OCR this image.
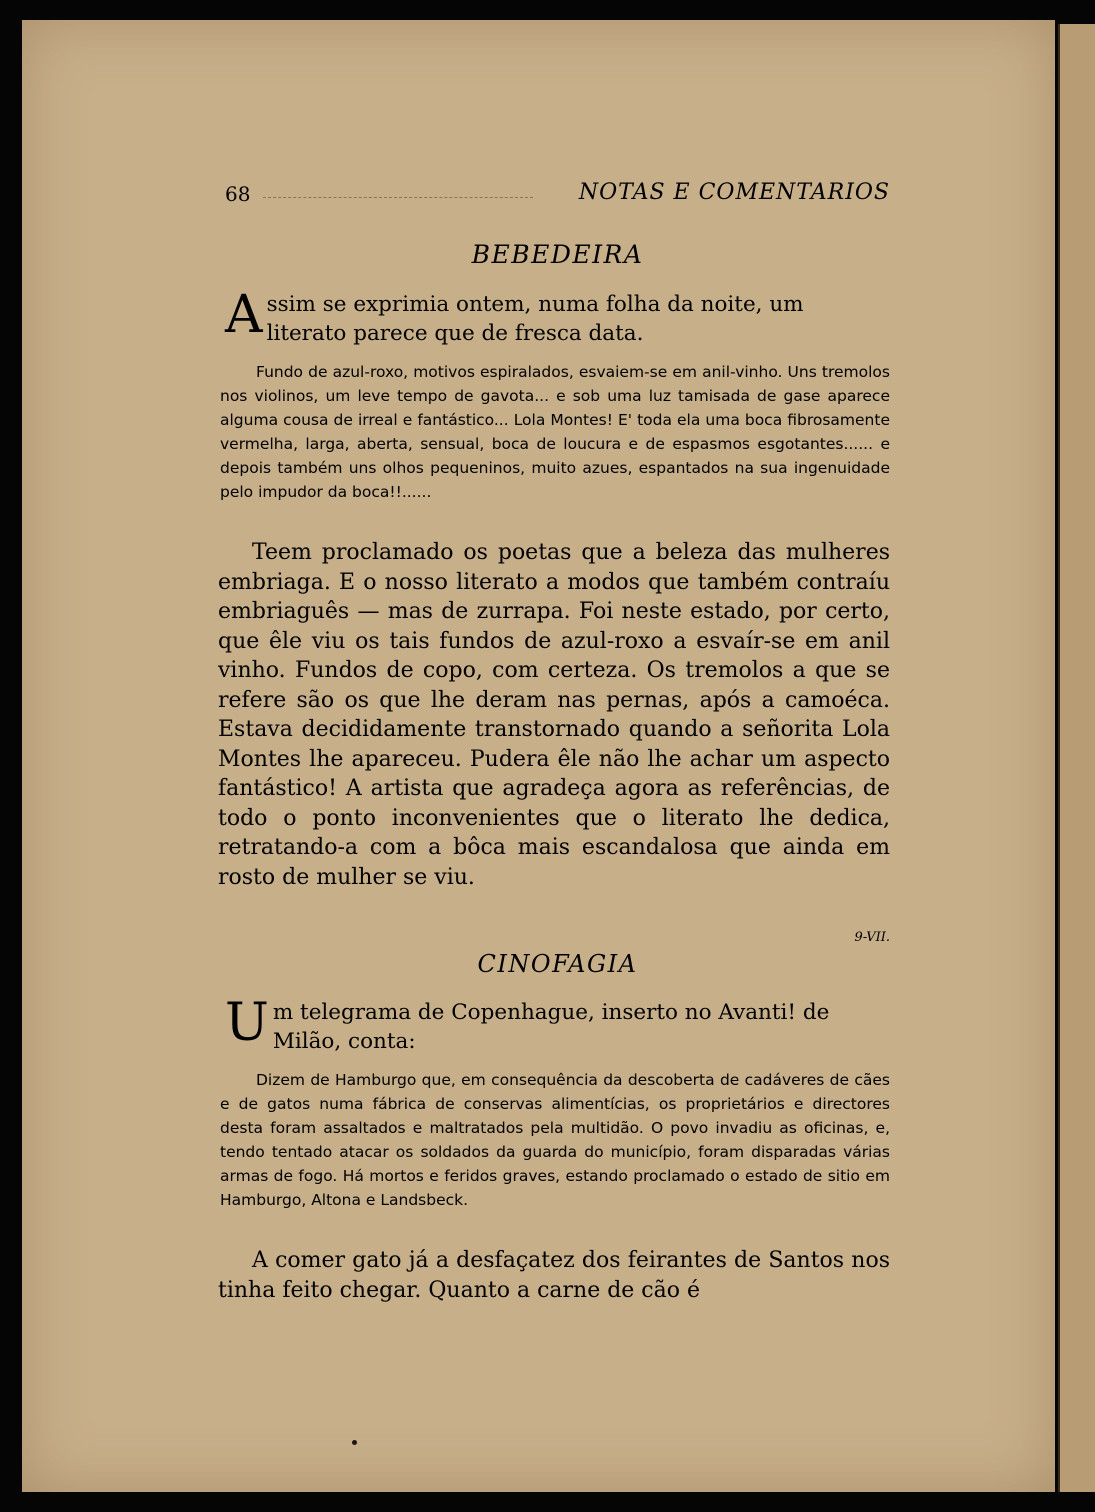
68	NOTAS E COMENTARIOS
BEBEDEIRA
A ssim se exprimia ontem, numa folha da noite, um literato parece que de fresca data.
Fundo de azul-roxo, motivos espiralados, esvaiem-se em anil-vinho. Uns tremolos nos violinos, um leve tempo de gavota... e sob uma luz tamisada de gase aparece alguma cousa de irreal e fantástico... Lola Montes! E' toda ela uma boca fibrosamente vermelha, larga, aberta, sensual, boca de loucura e de espasmos esgotantes...... e depois também uns olhos pequeninos, muito azues, espantados na sua ingenuidade pelo impudor da boca!!......
Teem proclamado os poetas que a beleza das mulheres embriaga. E o nosso literato a modos que também contraíu embriaguês — mas de zurrapa. Foi neste estado, por certo, que êle viu os tais fundos de azul-roxo a esvaír-se em anil vinho. Fundos de copo, com certeza. Os tremolos a que se refere são os que lhe deram nas pernas, após a camoéca. Estava decididamente transtornado quando a señorita Lola Montes lhe apareceu. Pudera êle não lhe achar um aspecto fantástico! A artista que agradeça agora as referências, de todo o ponto inconvenientes que o literato lhe dedica, retratando-a com a bôca mais escandalosa que ainda em rosto de mulher se viu.
9-VII.
CINOFAGIA
U m telegrama de Copenhague, inserto no Avanti! de Milão, conta:
Dizem de Hamburgo que, em consequência da descoberta de cadáveres de cães e de gatos numa fábrica de conservas alimentícias, os proprietários e directores desta foram assaltados e maltratados pela multidão. O povo invadiu as oficinas, e, tendo tentado atacar os soldados da guarda do município, foram disparadas várias armas de fogo. Há mortos e feridos graves, estando proclamado o estado de sitio em Hamburgo, Altona e Landsbeck.
A comer gato já a desfaçatez dos feirantes de Santos nos tinha feito chegar. Quanto a carne de cão é
